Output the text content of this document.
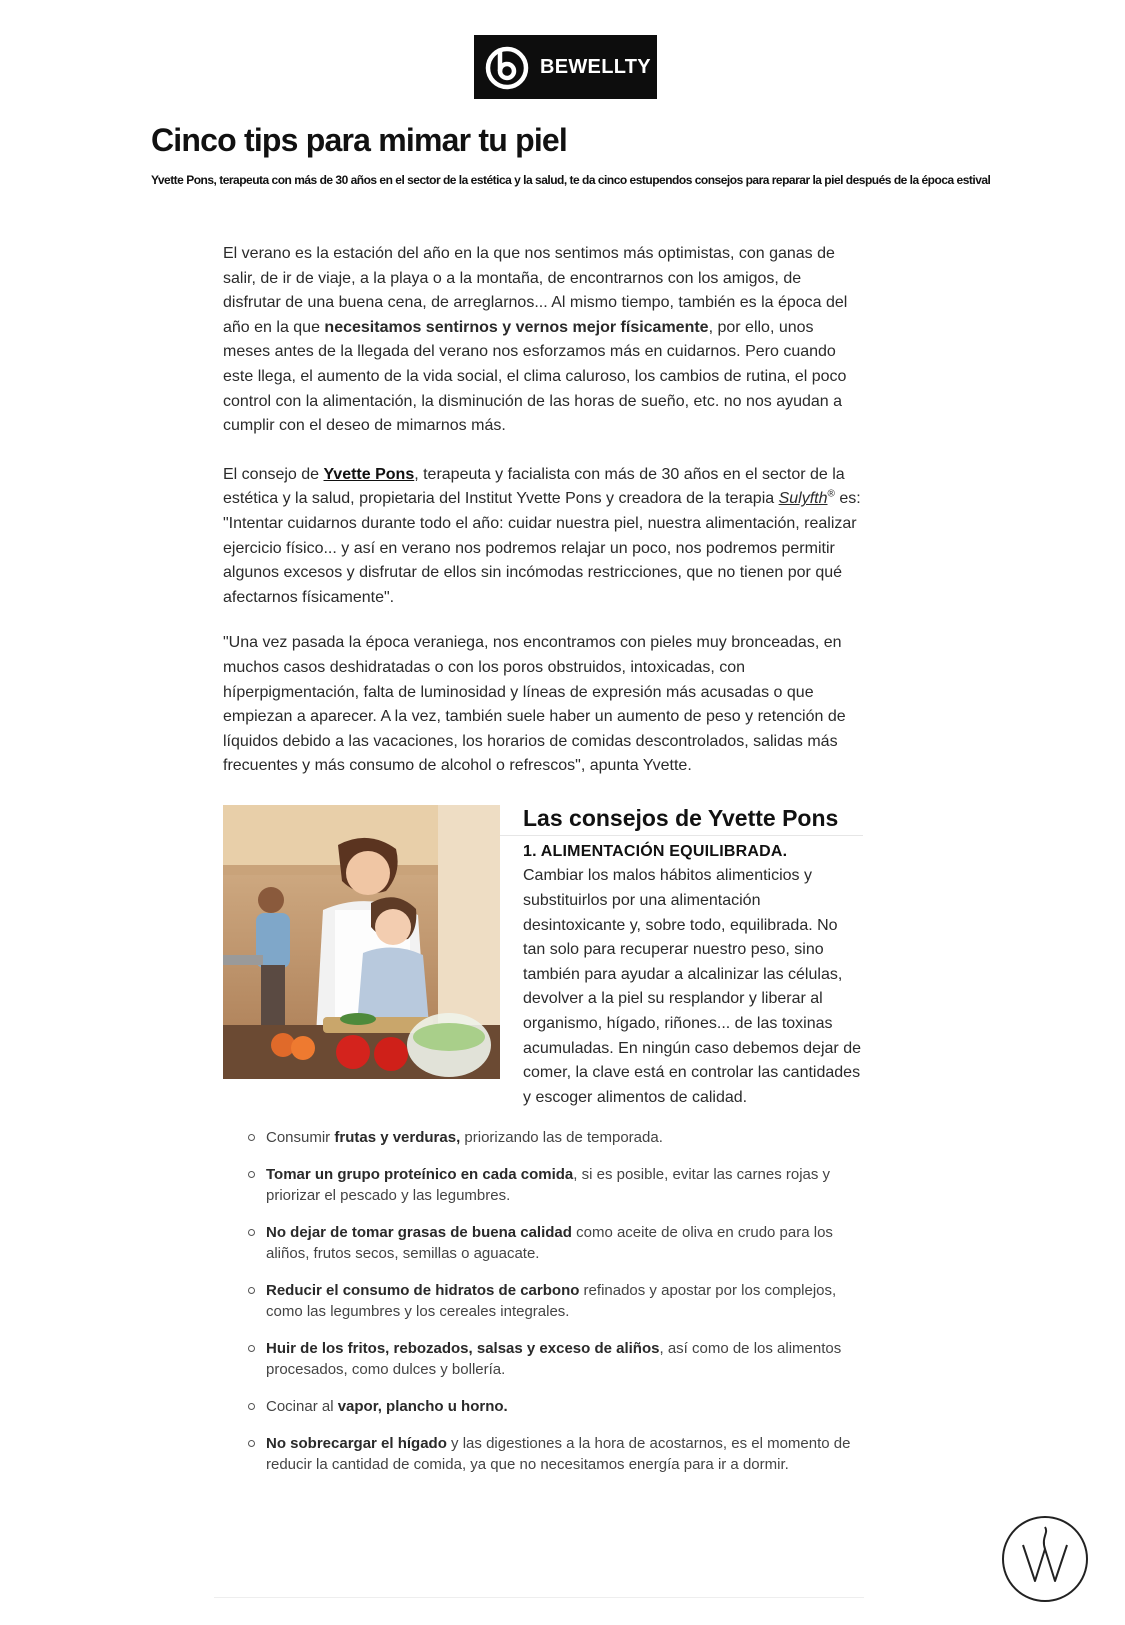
BEWELLTY
Cinco tips para mimar tu piel

Yvette Pons, terapeuta con más de 30 años en el sector de la estética y la salud, te da cinco estupendos consejos para reparar la piel después de la época estival

El verano es la estación del año en la que nos sentimos más optimistas, con ganas de salir, de ir de viaje, a la playa o a la montaña, de encontrarnos con los amigos, de disfrutar de una buena cena, de arreglarnos... Al mismo tiempo, también es la época del año en la que necesitamos sentirnos y vernos mejor físicamente, por ello, unos meses antes de la llegada del verano nos esforzamos más en cuidarnos. Pero cuando este llega, el aumento de la vida social, el clima caluroso, los cambios de rutina, el poco control con la alimentación, la disminución de las horas de sueño, etc. no nos ayudan a cumplir con el deseo de mimarnos más.

El consejo de Yvette Pons, terapeuta y facialista con más de 30 años en el sector de la estética y la salud, propietaria del Institut Yvette Pons y creadora de la terapia Sulyfth® es: "Intentar cuidarnos durante todo el año: cuidar nuestra piel, nuestra alimentación, realizar ejercicio físico... y así en verano nos podremos relajar un poco, nos podremos permitir algunos excesos y disfrutar de ellos sin incómodas restricciones, que no tienen por qué afectarnos físicamente".

"Una vez pasada la época veraniega, nos encontramos con pieles muy bronceadas, en muchos casos deshidratadas o con los poros obstruidos, intoxicadas, con híperpigmentación, falta de luminosidad y líneas de expresión más acusadas o que empiezan a aparecer. A la vez, también suele haber un aumento de peso y retención de líquidos debido a las vacaciones, los horarios de comidas descontrolados, salidas más frecuentes y más consumo de alcohol o refrescos", apunta Yvette.

Las consejos de Yvette Pons
1. ALIMENTACIÓN EQUILIBRADA.

Cambiar los malos hábitos alimenticios y substituirlos por una alimentación desintoxicante y, sobre todo, equilibrada. No tan solo para recuperar nuestro peso, sino también para ayudar a alcalinizar las células, devolver a la piel su resplandor y liberar al organismo, hígado, riñones... de las toxinas acumuladas. En ningún caso debemos dejar de comer, la clave está en controlar las cantidades y escoger alimentos de calidad.

Consumir frutas y verduras, priorizando las de temporada.
Tomar un grupo proteínico en cada comida, si es posible, evitar las carnes rojas y priorizar el pescado y las legumbres.
No dejar de tomar grasas de buena calidad como aceite de oliva en crudo para los aliños, frutos secos, semillas o aguacate.
Reducir el consumo de hidratos de carbono refinados y apostar por los complejos, como las legumbres y los cereales integrales.
Huir de los fritos, rebozados, salsas y exceso de aliños, así como de los alimentos procesados, como dulces y bollería.
Cocinar al vapor, plancho u horno.
No sobrecargar el hígado y las digestiones a la hora de acostarnos, es el momento de reducir la cantidad de comida, ya que no necesitamos energía para ir a dormir.
